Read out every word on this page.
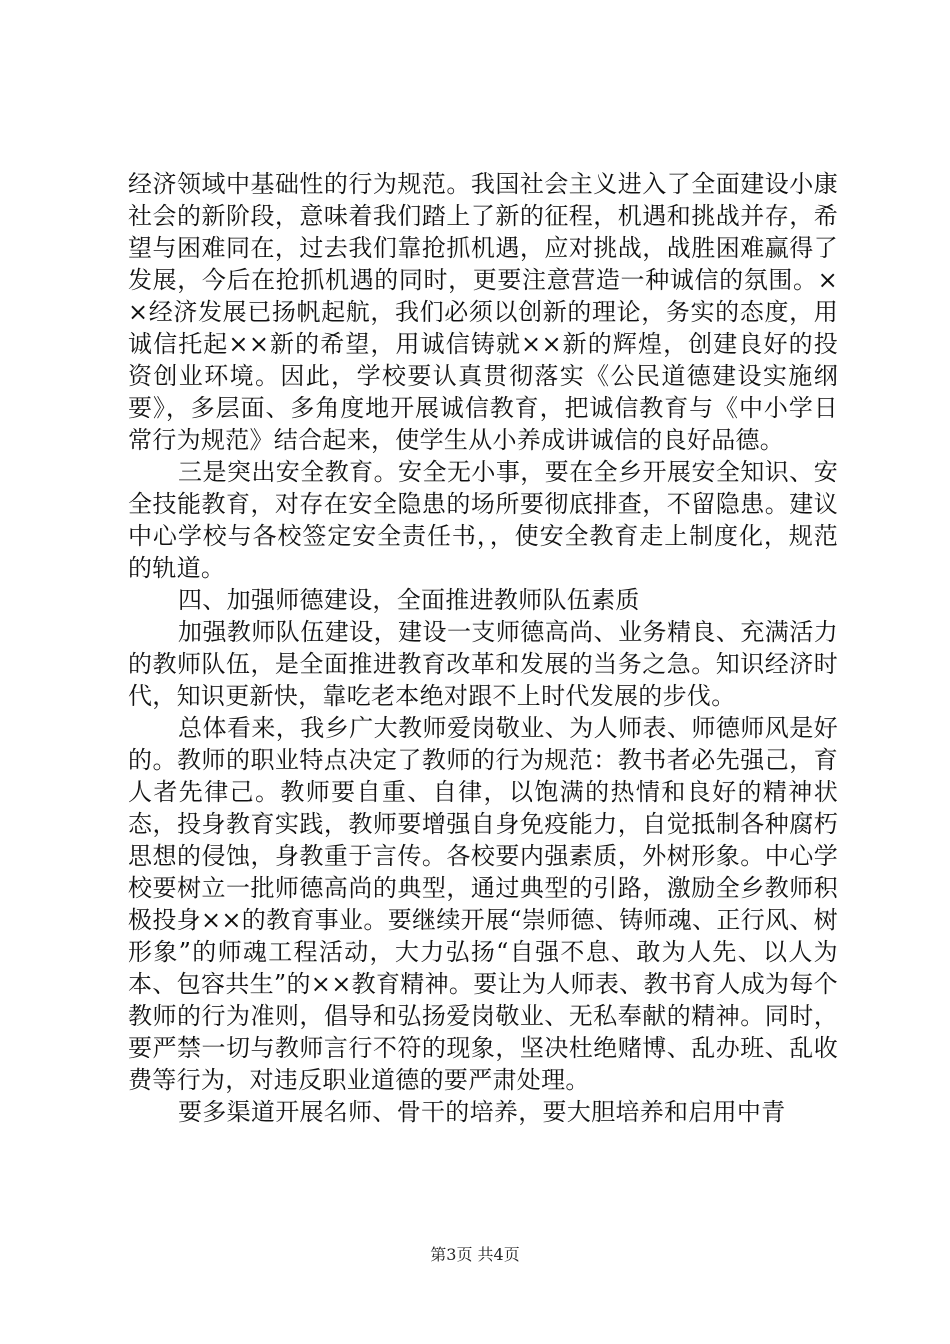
经济领域中基础性的行为规范。我国社会主义进入了全面建设小康社会的新阶段，意味着我们踏上了新的征程，机遇和挑战并存，希望与困难同在，过去我们靠抢抓机遇，应对挑战，战胜困难赢得了发展，今后在抢抓机遇的同时，更要注意营造一种诚信的氛围。××经济发展已扬帆起航，我们必须以创新的理论，务实的态度，用诚信托起××新的希望，用诚信铸就××新的辉煌，创建良好的投资创业环境。因此，学校要认真贯彻落实《公民道德建设实施纲要》，多层面、多角度地开展诚信教育，把诚信教育与《中小学日常行为规范》结合起来，使学生从小养成讲诚信的良好品德。

三是突出安全教育。安全无小事，要在全乡开展安全知识、安全技能教育，对存在安全隐患的场所要彻底排查，不留隐患。建议中心学校与各校签定安全责任书，，使安全教育走上制度化，规范的轨道。

四、加强师德建设，全面推进教师队伍素质

加强教师队伍建设，建设一支师德高尚、业务精良、充满活力的教师队伍，是全面推进教育改革和发展的当务之急。知识经济时代，知识更新快，靠吃老本绝对跟不上时代发展的步伐。

总体看来，我乡广大教师爱岗敬业、为人师表、师德师风是好的。教师的职业特点决定了教师的行为规范：教书者必先强己，育人者先律己。教师要自重、自律，以饱满的热情和良好的精神状态，投身教育实践，教师要增强自身免疫能力，自觉抵制各种腐朽思想的侵蚀，身教重于言传。各校要内强素质，外树形象。中心学校要树立一批师德高尚的典型，通过典型的引路，激励全乡教师积极投身××的教育事业。要继续开展“崇师德、铸师魂、正行风、树形象”的师魂工程活动，大力弘扬“自强不息、敢为人先、以人为本、包容共生”的××教育精神。要让为人师表、教书育人成为每个教师的行为准则，倡导和弘扬爱岗敬业、无私奉献的精神。同时，要严禁一切与教师言行不符的现象，坚决杜绝赌博、乱办班、乱收费等行为，对违反职业道德的要严肃处理。

要多渠道开展名师、骨干的培养，要大胆培养和启用中青

第3页 共4页
